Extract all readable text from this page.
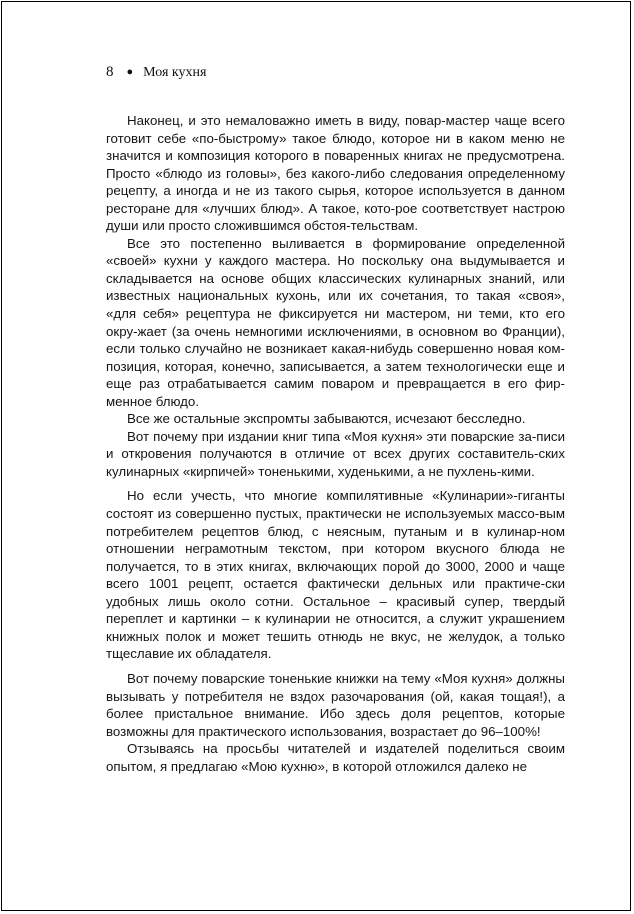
8 ● Моя кухня

Наконец, и это немаловажно иметь в виду, повар-мастер чаще всего готовит себе «по-быстрому» такое блюдо, которое ни в каком меню не значится и композиция которого в поваренных книгах не предусмотрена. Просто «блюдо из головы», без какого-либо следования определенному рецепту, а иногда и не из такого сырья, которое используется в данном ресторане для «лучших блюд». А такое, кото-рое соответствует настрою души или просто сложившимся обстоя-тельствам.

Все это постепенно выливается в формирование определенной «своей» кухни у каждого мастера. Но поскольку она выдумывается и складывается на основе общих классических кулинарных знаний, или известных национальных кухонь, или их сочетания, то такая «своя», «для себя» рецептура не фиксируется ни мастером, ни теми, кто его окру-жает (за очень немногими исключениями, в основном во Франции), если только случайно не возникает какая-нибудь совершенно новая ком-позиция, которая, конечно, записывается, а затем технологически еще и еще раз отрабатывается самим поваром и превращается в его фир-менное блюдо.

Все же остальные экспромты забываются, исчезают бесследно.

Вот почему при издании книг типа «Моя кухня» эти поварские за-писи и откровения получаются в отличие от всех других составитель-ских кулинарных «кирпичей» тоненькими, худенькими, а не пухлень-кими.

Но если учесть, что многие компилятивные «Кулинарии»-гиганты состоят из совершенно пустых, практически не используемых массо-вым потребителем рецептов блюд, с неясным, путаным и в кулинар-ном отношении неграмотным текстом, при котором вкусного блюда не получается, то в этих книгах, включающих порой до 3000, 2000 и чаще всего 1001 рецепт, остается фактически дельных или практиче-ски удобных лишь около сотни. Остальное – красивый супер, твердый переплет и картинки – к кулинарии не относится, а служит украшением книжных полок и может тешить отнюдь не вкус, не желудок, а только тщеславие их обладателя.

Вот почему поварские тоненькие книжки на тему «Моя кухня» должны вызывать у потребителя не вздох разочарования (ой, какая тощая!), а более пристальное внимание. Ибо здесь доля рецептов, которые возможны для практического использования, возрастает до 96–100%!

Отзываясь на просьбы читателей и издателей поделиться своим опытом, я предлагаю «Мою кухню», в которой отложился далеко не
